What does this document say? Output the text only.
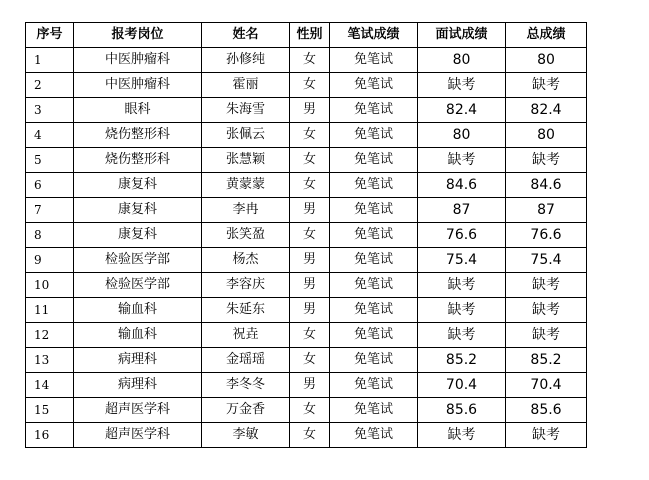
序号	报考岗位	姓名	性别	笔试成绩	面试成绩	总成绩
1	中医肿瘤科	孙修纯	女	免笔试	80	80
2	中医肿瘤科	霍丽	女	免笔试	缺考	缺考
3	眼科	朱海雪	男	免笔试	82.4	82.4
4	烧伤整形科	张佩云	女	免笔试	80	80
5	烧伤整形科	张慧颖	女	免笔试	缺考	缺考
6	康复科	黄蒙蒙	女	免笔试	84.6	84.6
7	康复科	李冉	男	免笔试	87	87
8	康复科	张笑盈	女	免笔试	76.6	76.6
9	检验医学部	杨杰	男	免笔试	75.4	75.4
10	检验医学部	李容庆	男	免笔试	缺考	缺考
11	输血科	朱延东	男	免笔试	缺考	缺考
12	输血科	祝垚	女	免笔试	缺考	缺考
13	病理科	金瑶瑶	女	免笔试	85.2	85.2
14	病理科	李冬冬	男	免笔试	70.4	70.4
15	超声医学科	万金香	女	免笔试	85.6	85.6
16	超声医学科	李敏	女	免笔试	缺考	缺考
